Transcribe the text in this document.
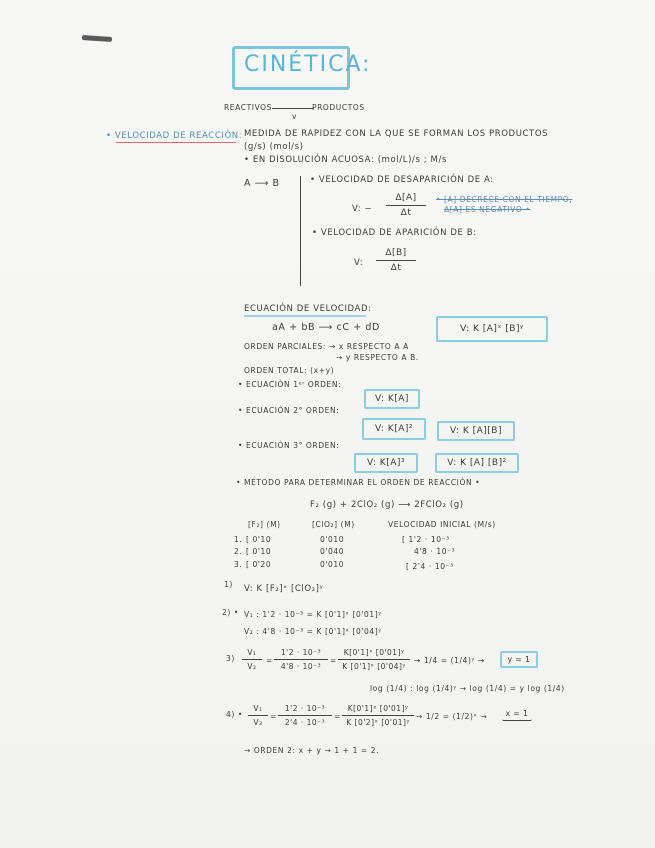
CINÉTICA:
REACTIVOS	PRODUCTOS
v
• VELOCIDAD DE REACCIÓN: MEDIDA DE RAPIDEZ CON LA QUE SE FORMAN LOS PRODUCTOS
(g/s) (mol/s)
• EN DISOLUCIÓN ACUOSA: (mol/L)/s ; M/s
A ⟶ B	• VELOCIDAD DE DESAPARICIÓN DE A:
V: −
Δ[A]
Δt
• [A] DECRECE CON EL TIEMPO,
Δ[A] ES NEGATIVO •
• VELOCIDAD DE APARICIÓN DE B:
V:
Δ[B]
Δt
ECUACIÓN DE VELOCIDAD:
aA + bB ⟶ cC + dD	V: K [A]ˣ [B]ʸ
ORDEN PARCIALES: → x RESPECTO A A
→ y RESPECTO A B.
ORDEN TOTAL: (x+y)
• ECUACIÓN 1ᵉʳ ORDEN:
V: K[A]
• ECUACIÓN 2° ORDEN:
V: K[A]²	V: K [A][B]
• ECUACIÓN 3° ORDEN:
V: K[A]³	V: K [A] [B]²
• MÉTODO PARA DETERMINAR EL ORDEN DE REACCIÓN •
F₂ (g) + 2ClO₂ (g) ⟶ 2FClO₂ (g)
[F₂] (M)	[ClO₂] (M)	VELOCIDAD INICIAL (M/s)
1. [ 0'10	0'010	[ 1'2 · 10⁻³
2. [ 0'10	0'040	4'8 · 10⁻³
3. [ 0'20	0'010	[ 2'4 · 10⁻³
1) V: K [F₂]ˣ [ClO₂]ʸ
2) • V₁ : 1'2 · 10⁻³ = K [0'1]ˣ [0'01]ʸ
V₂ : 4'8 · 10⁻³ = K [0'1]ˣ [0'04]ʸ
3)
V₁
V₂
=
1'2 · 10⁻³
4'8 · 10⁻³
=
K[0'1]ˣ [0'01]ʸ
K [0'1]ˣ [0'04]ʸ
→ 1/4 = (1/4)ʸ →	y = 1
log (1/4) : log (1/4)ʸ → log (1/4) = y log (1/4)
4) •
V₁
V₃
=
1'2 · 10⁻³
2'4 · 10⁻³
=
K[0'1]ˣ [0'01]ʸ
K [0'2]ˣ [0'01]ʸ
→ 1/2 = (1/2)ˣ →	x = 1
→ ORDEN 2: x + y → 1 + 1 = 2.
